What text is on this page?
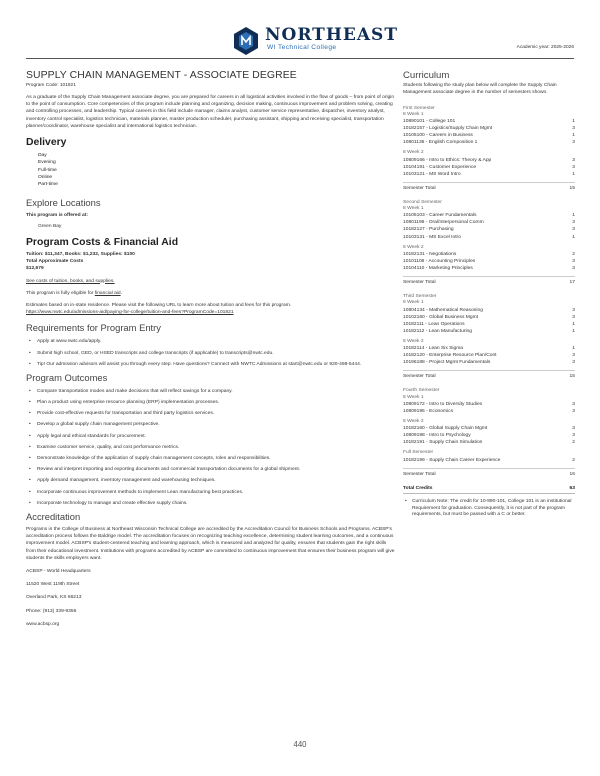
NORTHEAST
WI Technical College	Academic year: 2025-2026
SUPPLY CHAIN MANAGEMENT - ASSOCIATE DEGREE
Program Code: 101821

As a graduate of the Supply Chain Management associate degree, you are prepared for careers in all logistical activities involved in the flow of goods – from point of origin to the point of consumption. Core competencies of this program include planning and organizing, decision making, continuous improvement and problem solving, creating and controlling processes, and leadership. Typical careers in this field include manager, claims analyst, customer service representative, dispatcher, inventory analyst, inventory control specialist, logistics technician, materials planner, master production scheduler, purchasing assistant, shipping and receiving specialist, transportation planner/coordinator, warehouse specialist and international logistics technician.

Delivery
Day
Evening
Full-time
Online
Part-time
Explore Locations
This program is offered at:
Green Bay
Program Costs & Financial Aid
Tuition: $11,347, Books: $1,232, Supplies: $100
Total Approximate Costs
$12,679
See costs of tuition, books, and supplies.
This program is fully eligible for financial aid.

Estimates based on in-state residence. Please visit the following URL to learn more about tuition and fees for this program.

https://www.nwtc.edu/admissions-aid/paying-for-college/tuition-and-fees?ProgramCode=101821
Requirements for Program Entry
• Apply at www.nwtc.edu/apply.
• Submit high school, GED, or HSED transcripts and college transcripts (if applicable) to transcripts@nwtc.edu.
• Tip! Our admission advisors will assist you through every step. Have questions? Connect with NWTC Admissions at start@nwtc.edu or 920-498-5444.
Program Outcomes
• Compare transportation modes and make decisions that will reflect savings for a company.
• Plan a product using enterprise resource planning (ERP) implementation processes.
• Provide cost-effective requests for transportation and third party logistics services.
• Develop a global supply chain management perspective.
• Apply legal and ethical standards for procurement.
• Examine customer service, quality, and cost performance metrics.
• Demonstrate knowledge of the application of supply chain management concepts, roles and responsibilities.
• Review and interpret importing and exporting documents and commercial transportation documents for a global shipment.
• Apply demand management, inventory management and warehousing techniques.
• Incorporate continuous improvement methods to implement Lean manufacturing best practices.
• Incorporate technology to manage and create effective supply chains.
Accreditation

Programs in the College of Business at Northeast Wisconsin Technical College are accredited by the Accreditation Council for Business Schools and Programs. ACBSP's accreditation process follows the Baldrige model. The accreditation focuses on recognizing teaching excellence, determining student learning outcomes, and a continuous improvement model. ACBSP's student-centered teaching and learning approach, which is measured and analyzed for quality, ensures that students gain the right skills from their educational investment. Institutions with programs accredited by ACBSP are committed to continuous improvement that ensures their business program will give students the skills employers want.

ACBSP - World Headquarters
11520 West 119th Street
Overland Park, KS 66213
Phone: (913) 339-9356
www.acbsp.org
Curriculum
Students following the study plan below will complete the Supply Chain Management associate degree in the number of semesters shown.
First Semester
8 Week 1
10890101 - College 101	1
10182157 - Logistics/Supply Chain Mgmt	3
10105100 - Careers in Business	1
10801136 - English Composition 1	3
8 Week 2
10809166 - Intro to Ethics: Theory & App	3
10104191 - Customer Experience	3
10103121 - MS Word Intro	1
Semester Total	15
Second Semester
8 Week 1
10105103 - Career Fundamentals	1
10801196 - Oral/Interpersonal Comm	3
10182127 - Purchasing	3
10103131 - MS Excel Intro	1
8 Week 2
10182131 - Negotiations	2
10101106 - Accounting Principles	3
10104110 - Marketing Principles	3
Semester Total	17
Third Semester
8 Week 1
10804134 - Mathematical Reasoning	3
10102160 - Global Business Mgmt	3
10182111 - Lean Operations	1
10182112 - Lean Manufacturing	1
8 Week 2
10182114 - Lean Six Sigma	1
10182120 - Enterprise Resource Plan/Cont	3
10196188 - Project Mgmt Fundamentals	3
Semester Total	15
Fourth Semester
8 Week 1
10809172 - Intro to Diversity Studies	3
10809195 - Economics	3
8 Week 2
10182160 - Global Supply Chain Mgmt	3
10809198 - Intro to Psychology	3
10182191 - Supply Chain Simulation	2
Full Semester
10182199 - Supply Chain Career Experience	2
Semester Total	16
Total Credits	63
• Curriculum Note: The credit for 10-890-101, College 101 is an institutional Requirement for graduation. Consequently, it is not part of the program requirements, but must be passed with a C or better.
440
